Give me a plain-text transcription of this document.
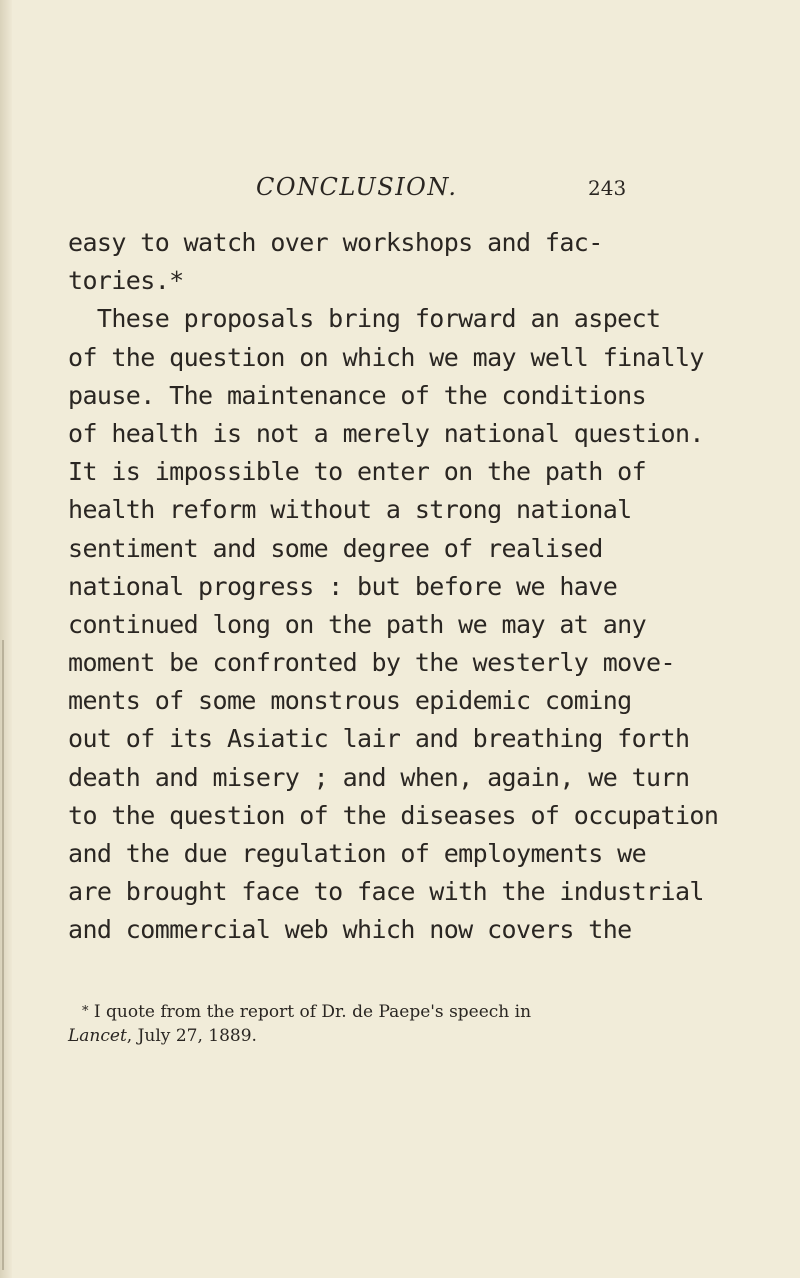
CONCLUSION.	243
easy to watch over workshops and fac-
tories.*
These proposals bring forward an aspect
of the question on which we may well finally
pause. The maintenance of the conditions
of health is not a merely national question.
It is impossible to enter on the path of
health reform without a strong national
sentiment and some degree of realised
national progress : but before we have
continued long on the path we may at any
moment be confronted by the westerly move-
ments of some monstrous epidemic coming
out of its Asiatic lair and breathing forth
death and misery ; and when, again, we turn
to the question of the diseases of occupation
and the due regulation of employments we
are brought face to face with the industrial
and commercial web which now covers the
* I quote from the report of Dr. de Paepe's speech in
Lancet, July 27, 1889.
